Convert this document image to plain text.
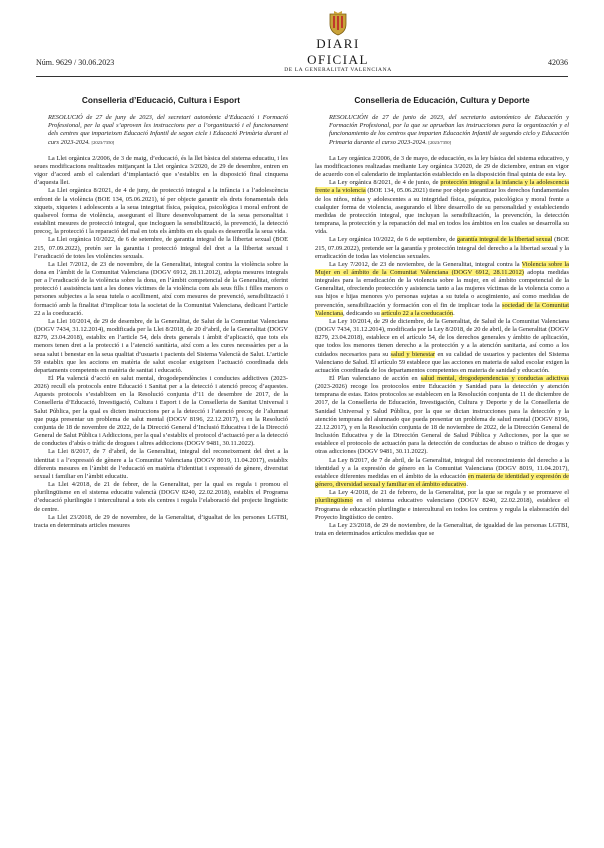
DIARI OFICIAL
DE LA GENERALITAT VALENCIANA
Núm. 9629 / 30.06.2023	42036
Conselleria d’Educació, Cultura i Esport
RESOLUCIÓ de 27 de juny de 2023, del secretari autonòmic d’Educació i Formació Professional, per la qual s’aproven les instruccions per a l’organització i el funcionament dels centres que imparteixen Educació Infantil de segon cicle i Educació Primària durant el curs 2023-2024. [2023/7350]

La Llei orgànica 2/2006, de 3 de maig, d’educació, és la llei bàsica del sistema educatiu, i les seues modificacions realitzades mitjançant la Llei orgànica 3/2020, de 29 de desembre, entren en vigor d’acord amb el calendari d’implantació que s’establix en la disposició final cinquena d’aquesta llei.

La Llei orgànica 8/2021, de 4 de juny, de protecció integral a la infància i a l’adolescència enfront de la violència (BOE 134, 05.06.2021), té per objecte garantir els drets fonamentals dels xiquets, xiquetes i adolescents a la seua integritat física, psíquica, psicològica i moral enfront de qualsevol forma de violència, assegurant el lliure desenvolupament de la seua personalitat i establint mesures de protecció integral, que incloguen la sensibilització, la prevenció, la detecció precoç, la protecció i la reparació del mal en tots els àmbits en els quals es desenrotlla la seua vida.

La Llei orgànica 10/2022, de 6 de setembre, de garantia integral de la llibertat sexual (BOE 215, 07.09.2022), pretén ser la garantia i protecció integral del dret a la llibertat sexual i l’eradicació de totes les violències sexuals.

La Llei 7/2012, de 23 de novembre, de la Generalitat, integral contra la violència sobre la dona en l’àmbit de la Comunitat Valenciana (DOGV 6912, 28.11.2012), adopta mesures integrals per a l’eradicació de la violència sobre la dona, en l’àmbit competencial de la Generalitat, oferint protecció i assistència tant a les dones víctimes de la violència com als seus fills i filles menors o persones subjectes a la seua tutela o acolliment, així com mesures de prevenció, sensibilització i formació amb la finalitat d’implicar tota la societat de la Comunitat Valenciana, dedicant l’article 22 a la coeducació.

La Llei 10/2014, de 29 de desembre, de la Generalitat, de Salut de la Comunitat Valenciana (DOGV 7434, 31.12.2014), modificada per la Llei 8/2018, de 20 d’abril, de la Generalitat (DOGV 8279, 23.04.2018), establix en l’article 54, dels drets generals i àmbit d’aplicació, que tots els menors tenen dret a la protecció i a l’atenció sanitària, així com a les cures necessàries per a la seua salut i benestar en la seua qualitat d’usuaris i pacients del Sistema Valencià de Salut. L’article 59 establix que les accions en matèria de salut escolar exigeixen l’actuació coordinada dels departaments competents en matèria de sanitat i educació.

El Pla valencià d’acció en salut mental, drogodependències i conductes addictives (2023-2026) recull els protocols entre Educació i Sanitat per a la detecció i atenció precoç d’aquestes. Aquests protocols s’establixen en la Resolució conjunta d’11 de desembre de 2017, de la Conselleria d’Educació, Investigació, Cultura i Esport i de la Conselleria de Sanitat Universal i Salut Pública, per la qual es dicten instruccions per a la detecció i l’atenció precoç de l’alumnat que puga presentar un problema de salut mental (DOGV 8196, 22.12.2017), i en la Resolució conjunta de 18 de novembre de 2022, de la Direcció General d’Inclusió Educativa i de la Direcció General de Salut Pública i Addiccions, per la qual s’establix el protocol d’actuació per a la detecció de conductes d’abús o tràfic de drogues i altres addiccions (DOGV 9481, 30.11.2022).

La Llei 8/2017, de 7 d’abril, de la Generalitat, integral del reconeixement del dret a la identitat i a l’expressió de gènere a la Comunitat Valenciana (DOGV 8019, 11.04.2017), establix diferents mesures en l’àmbit de l’educació en matèria d’identitat i expressió de gènere, diversitat sexual i familiar en l’àmbit educatiu.

La Llei 4/2018, de 21 de febrer, de la Generalitat, per la qual es regula i promou el plurilingüisme en el sistema educatiu valencià (DOGV 8240, 22.02.2018), establix el Programa d’educació plurilingüe i intercultural a tots els centres i regula l’elaboració del projecte lingüístic de centre.

La Llei 23/2018, de 29 de novembre, de la Generalitat, d’igualtat de les persones LGTBI, tracta en determinats articles mesures

Conselleria de Educación, Cultura y Deporte
RESOLUCIÓN de 27 de junio de 2023, del secretario autonómico de Educación y Formación Profesional, por la que se aprueban las instrucciones para la organización y el funcionamiento de los centros que imparten Educación Infantil de segundo ciclo y Educación Primaria durante el curso 2023-2024. [2023/7350]

La Ley orgánica 2/2006, de 3 de mayo, de educación, es la ley básica del sistema educativo, y las modificaciones realizadas mediante Ley orgánica 3/2020, de 29 de diciembre, entran en vigor de acuerdo con el calendario de implantación establecido en la disposición final quinta de esta ley.

La Ley orgánica 8/2021, de 4 de junio, de protección integral a la infancia y la adolescencia frente a la violencia (BOE 134, 05.06.2021) tiene por objeto garantizar los derechos fundamentales de los niños, niñas y adolescentes a su integridad física, psíquica, psicológica y moral frente a cualquier forma de violencia, asegurando el libre desarrollo de su personalidad y estableciendo medidas de protección integral, que incluyan la sensibilización, la prevención, la detección temprana, la protección y la reparación del mal en todos los ámbitos en los cuales se desarrolla su vida.

La Ley orgánica 10/2022, de 6 de septiembre, de garantía integral de la libertad sexual (BOE 215, 07.09.2022), pretende ser la garantía y protección integral del derecho a la libertad sexual y la erradicación de todas las violencias sexuales.

La Ley 7/2012, de 23 de noviembre, de la Generalitat, integral contra la Violencia sobre la Mujer en el ámbito de la Comunitat Valenciana (DOGV 6912, 28.11.2012) adopta medidas integrales para la erradicación de la violencia sobre la mujer, en el ámbito competencial de la Generalitat, ofreciendo protección y asistencia tanto a las mujeres víctimas de la violencia como a sus hijos e hijas menores y/o personas sujetas a su tutela o acogimiento, así como medidas de prevención, sensibilización y formación con el fin de implicar toda la sociedad de la Comunitat Valenciana, dedicando su artículo 22 a la coeducación.

La Ley 10/2014, de 29 de diciembre, de la Generalitat, de Salud de la Comunitat Valenciana (DOGV 7434, 31.12.2014), modificada por la Ley 8/2018, de 20 de abril, de la Generalitat (DOGV 8279, 23.04.2018), establece en el artículo 54, de los derechos generales y ámbito de aplicación, que todos los menores tienen derecho a la protección y a la atención sanitaria, así como a los cuidados necesarios para su salud y bienestar en su calidad de usuarios y pacientes del Sistema Valenciano de Salud. El artículo 59 establece que las acciones en materia de salud escolar exigen la actuación coordinada de los departamentos competentes en materia de sanidad y educación.

El Plan valenciano de acción en salud mental, drogodependencias y conductas adictivas (2023-2026) recoge los protocolos entre Educación y Sanidad para la detección y atención temprana de estas. Estos protocolos se establecen en la Resolución conjunta de 11 de diciembre de 2017, de la Conselleria de Educación, Investigación, Cultura y Deporte y de la Conselleria de Sanidad Universal y Salud Pública, por la que se dictan instrucciones para la detección y la atención temprana del alumnado que pueda presentar un problema de salud mental (DOGV 8196, 22.12.2017), y en la Resolución conjunta de 18 de noviembre de 2022, de la Dirección General de Inclusión Educativa y de la Dirección General de Salud Pública y Adicciones, por la que se establece el protocolo de actuación para la detección de conductas de abuso o tráfico de drogas y otras adicciones (DOGV 9481, 30.11.2022).

La Ley 8/2017, de 7 de abril, de la Generalitat, integral del reconocimiento del derecho a la identidad y a la expresión de género en la Comunitat Valenciana (DOGV 8019, 11.04.2017), establece diferentes medidas en el ámbito de la educación en materia de identidad y expresión de género, diversidad sexual y familiar en el ámbito educativo.

La Ley 4/2018, de 21 de febrero, de la Generalitat, por la que se regula y se promueve el plurilingüismo en el sistema educativo valenciano (DOGV 8240, 22.02.2018), establece el Programa de educación plurilingüe e intercultural en todos los centros y regula la elaboración del Proyecto lingüístico de centro.

La Ley 23/2018, de 29 de noviembre, de la Generalitat, de igualdad de las personas LGTBI, trata en determinados artículos medidas que se
